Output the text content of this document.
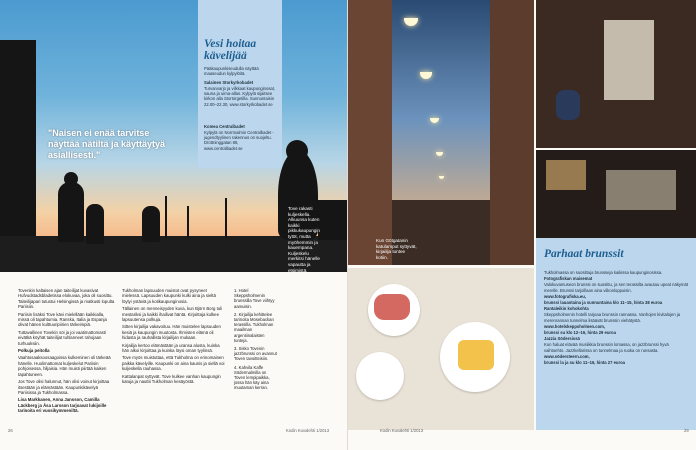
"Naisen ei enää tarvitse näyttää nätiltä ja käyttäytyä asiallisesti."
Tove rakasti kuljeskella. Alkuunsa kuten kaikki pikkukaupungin tytöt, mutta myöhemmin ja kauempana. Kuljeskelu merkitsi hänelle vapautta ja etsimistä.
Vesi hoitaa kävelijää
Pääkaupunkiseudulla näyttää maaseudun kylpylöitä.
Salainen Storkyrkobadet
Turvanvarjo ja vilkkaat kaupunginosat, sauna ja uima-allas. Kylpylä sijaitsee kirkon alla Stortorgetilla. Sunnuntaisin 22.00–22.30, www.storkyrkobadet.se
Komea Centralbadet
Kylpylä on Norrmalmin Centralbadet - jugendtyylinen rakennus on suojeltu. Drottninggatan 88, www.centralbadet.se

Tovenkin kaltaisen ajan taiteilijat kuvasivat Hufvudstadsbladetissa elokuvaa, joka oli suosittu. Taiteilijapari tutustui Helsingissä ja matkusti lopulta Pariisiin.

Pariisin lisäksi Tove kävi mielellään kaikkialla, missä oli tapahtumia. Ranska, Italia ja Espanja olivat hänen kulttuuripiirien tärkeimpiä.

Tuttavallinen Tovekin söi ja joi vaatimattomasti eivätkä köyhät taiteilijat tuhlanneet rahojaan turhuuksiin.

Polkuja peitolla

Vaahtosaaksoosaagoissa kulkeminen oli tärkeää hänelle. Huolimattomat kuljeskelut Pariisin pohjoisessa, hiljaisia. Hän muisti piirtää kaiken tapahtuneen.

Jos Tove olisi halunnut, hän olisi voinut kirjoittaa itsestään ja elämästään. Kaupunkikävelyä Pariisissa ja Tukholmassa.

Lisa Markkanen, Anna Jansson, Camilla Läckberg ja Åsa Larsson tarjoavat lukijoille tarinoita eri vuosikymmeniltä.

Tukholman lapsuuden muistot ovat pysyneet mielessä. Lapsuuden kaupunki kulki aina ja sieltä löytyi ystäviä ja kotikaupunginosia.

Tällainen on menneisyyden kuva, kun Björn Borg tuli mestariksi ja kaikki ihailivat häntä. Kirjoittaja kulkee lapsuutensa polkuja.

Sitten kirjailija vakavoituu. Hän muistelee lapsuuden kesiä ja kaupungin muutosta. Ihmisten elämä oli hidasta ja rauhallista kirjailijan mukaan.

Kirjailija kertoo elämästään ja uransa alusta, kuinka hän alkoi kirjoittaa ja kuinka löysi oman tyylinsä.

Tove myös muistuttaa, että Tukholma on erinomainen paikka kävelyille. Kaupunki on aina kaunis ja siellä voi kuljeskella rauhassa.

Kattalanpat syttyvät. Tove kulkee vanhan kaupungin katuja ja nauttii Tukholman kesäyöstä.

1. Hotel Skeppsholmenin brunssilla Tove viihtyy aamuisin.

2. Kirjailija kehittelee tarinoita Mosebackan terassilla. Tukholman maailman argentiinalaisten tunteja.

3. Sisko Tovenin jazzbrunssi on avannut Toven tavoitteisiin.

4. Kahvila Kaffe Södermalmilla on Toven lempipaikka, jossa hän käy aina muutaman kerran.

26	Kodin Kuvalehti 1/2013
Kun Götgatanin katulamput syttyvät, kirjailija tuntee kotiin.	Parhaat brunssit

Tukholmassa on suosittuja brunsseja kaikissa kaupunginosissa.

Fotografiskan maisemat

Valokuvamuseon brunssi on suosittu, ja sen terassilta avautuu upeat näkymät merelle. Brunssi tarjoillaan aina viikonloppuisin.

www.fotografiska.eu,

brunssi lauantaina ja sunnuntaina klo 11–15, hinta 38 euroa

Rantaleikin kohokohta

Skeppsholmenin hotelli tarjoaa brunssin rannassa. Vanhojen kivitalojen ja merenrannan tunnelma lisäävät brunssin viehätystä.

www.hotelskeppsholmen.com,

brunssi su klo 12–16, hinta 29 euroa

Jazzia Södersissä

Kun haluat elävää musiikkia brunssin lomassa, on jazzbrunssi hyvä vaihtoehto. Jazzkellarissa on tunnelmaa ja ruoka on runsasta.

www.södersteern.com,

brunssi la ja su klo 11–16, hinta 27 euroa

Kodin Kuvalehti 1/2013	29
